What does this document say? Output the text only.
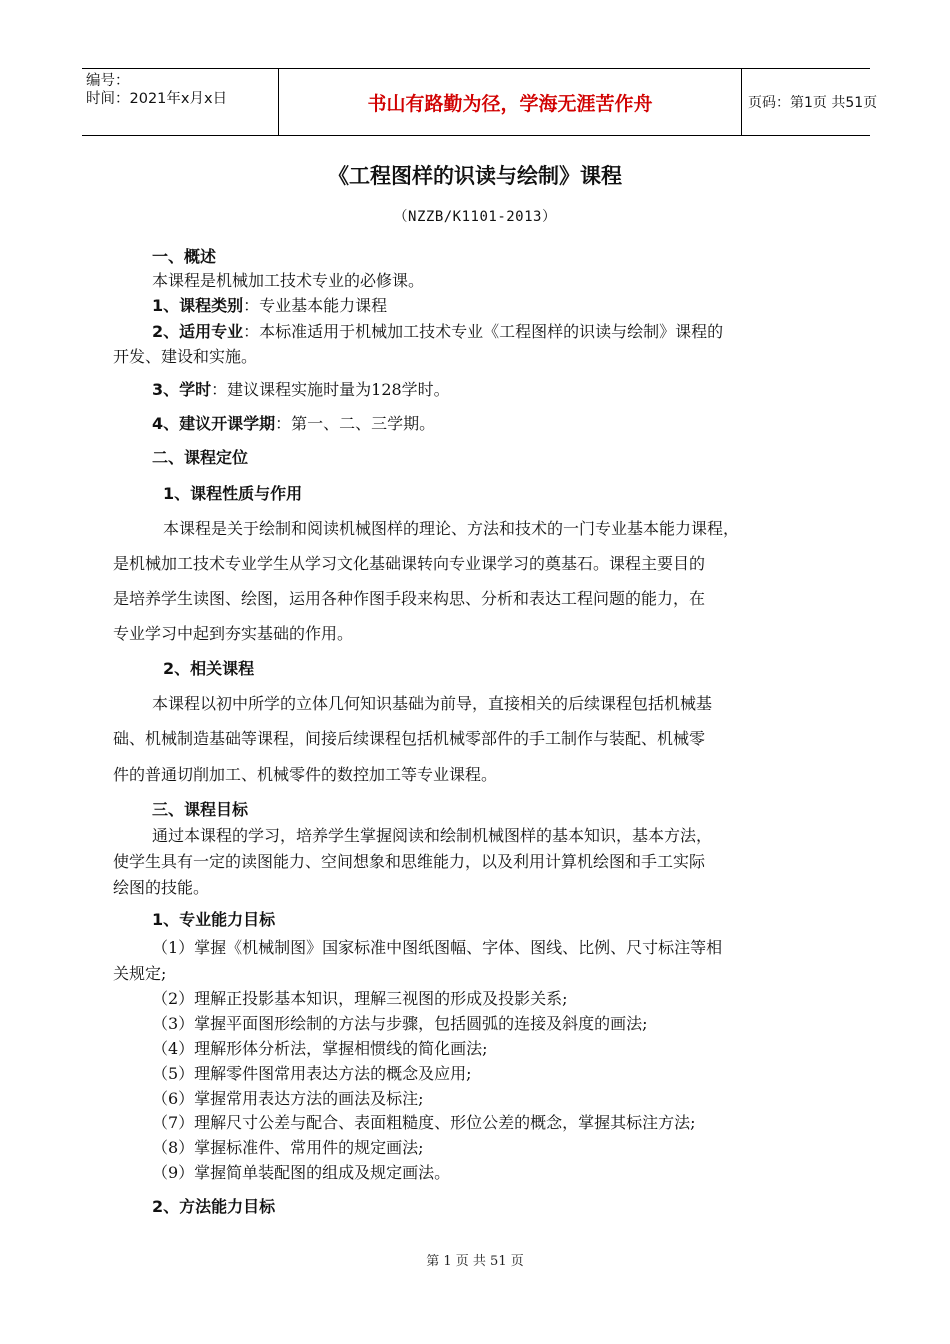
编号：
时间：2021年x月x日	书山有路勤为径，学海无涯苦作舟	页码：第1页 共51页
《工程图样的识读与绘制》课程
（NZZB/K1101-2013）
一、概述
本课程是机械加工技术专业的必修课。
1、课程类别：专业基本能力课程
2、适用专业：本标准适用于机械加工技术专业《工程图样的识读与绘制》课程的
开发、建设和实施。
3、学时：建议课程实施时量为128学时。
4、建议开课学期：第一、二、三学期。
二、课程定位
1、课程性质与作用
本课程是关于绘制和阅读机械图样的理论、方法和技术的一门专业基本能力课程，
是机械加工技术专业学生从学习文化基础课转向专业课学习的奠基石。课程主要目的
是培养学生读图、绘图，运用各种作图手段来构思、分析和表达工程问题的能力，在
专业学习中起到夯实基础的作用。
2、相关课程
本课程以初中所学的立体几何知识基础为前导，直接相关的后续课程包括机械基
础、机械制造基础等课程，间接后续课程包括机械零部件的手工制作与装配、机械零
件的普通切削加工、机械零件的数控加工等专业课程。
三、课程目标
通过本课程的学习，培养学生掌握阅读和绘制机械图样的基本知识，基本方法，
使学生具有一定的读图能力、空间想象和思维能力，以及利用计算机绘图和手工实际
绘图的技能。
1、专业能力目标
（1）掌握《机械制图》国家标准中图纸图幅、字体、图线、比例、尺寸标注等相
关规定;
（2）理解正投影基本知识，理解三视图的形成及投影关系;
（3）掌握平面图形绘制的方法与步骤，包括圆弧的连接及斜度的画法;
（4）理解形体分析法，掌握相惯线的简化画法;
（5）理解零件图常用表达方法的概念及应用;
（6）掌握常用表达方法的画法及标注;
（7）理解尺寸公差与配合、表面粗糙度、形位公差的概念，掌握其标注方法;
（8）掌握标准件、常用件的规定画法;
（9）掌握简单装配图的组成及规定画法。
2、方法能力目标
第 1 页 共 51 页
